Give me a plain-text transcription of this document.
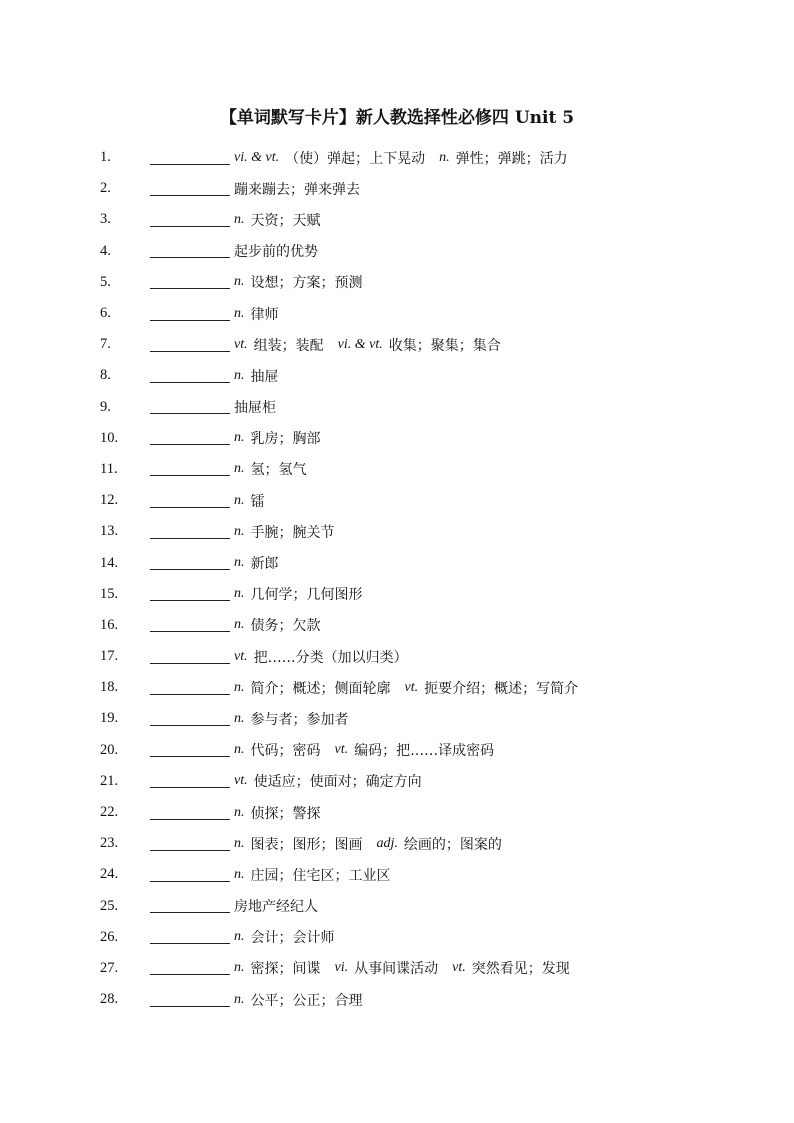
【单词默写卡片】新人教选择性必修四 Unit 5
1.	vi. & vt. （使）弹起；上下晃动 n. 弹性；弹跳；活力
2.	蹦来蹦去；弹来弹去
3.	n. 天资；天赋
4.	起步前的优势
5.	n. 设想；方案；预测
6.	n. 律师
7.	vt. 组装；装配 vi. & vt. 收集；聚集；集合
8.	n. 抽屉
9.	抽屉柜
10.	n. 乳房；胸部
11.	n. 氢；氢气
12.	n. 镭
13.	n. 手腕；腕关节
14.	n. 新郎
15.	n. 几何学；几何图形
16.	n. 债务；欠款
17.	vt. 把……分类（加以归类）
18.	n. 简介；概述；侧面轮廓 vt. 扼要介绍；概述；写简介
19.	n. 参与者；参加者
20.	n. 代码；密码 vt. 编码；把……译成密码
21.	vt. 使适应；使面对；确定方向
22.	n. 侦探；警探
23.	n. 图表；图形；图画 adj. 绘画的；图案的
24.	n. 庄园；住宅区；工业区
25.	房地产经纪人
26.	n. 会计；会计师
27.	n. 密探；间谍 vi. 从事间谍活动 vt. 突然看见；发现
28.	n. 公平；公正；合理
